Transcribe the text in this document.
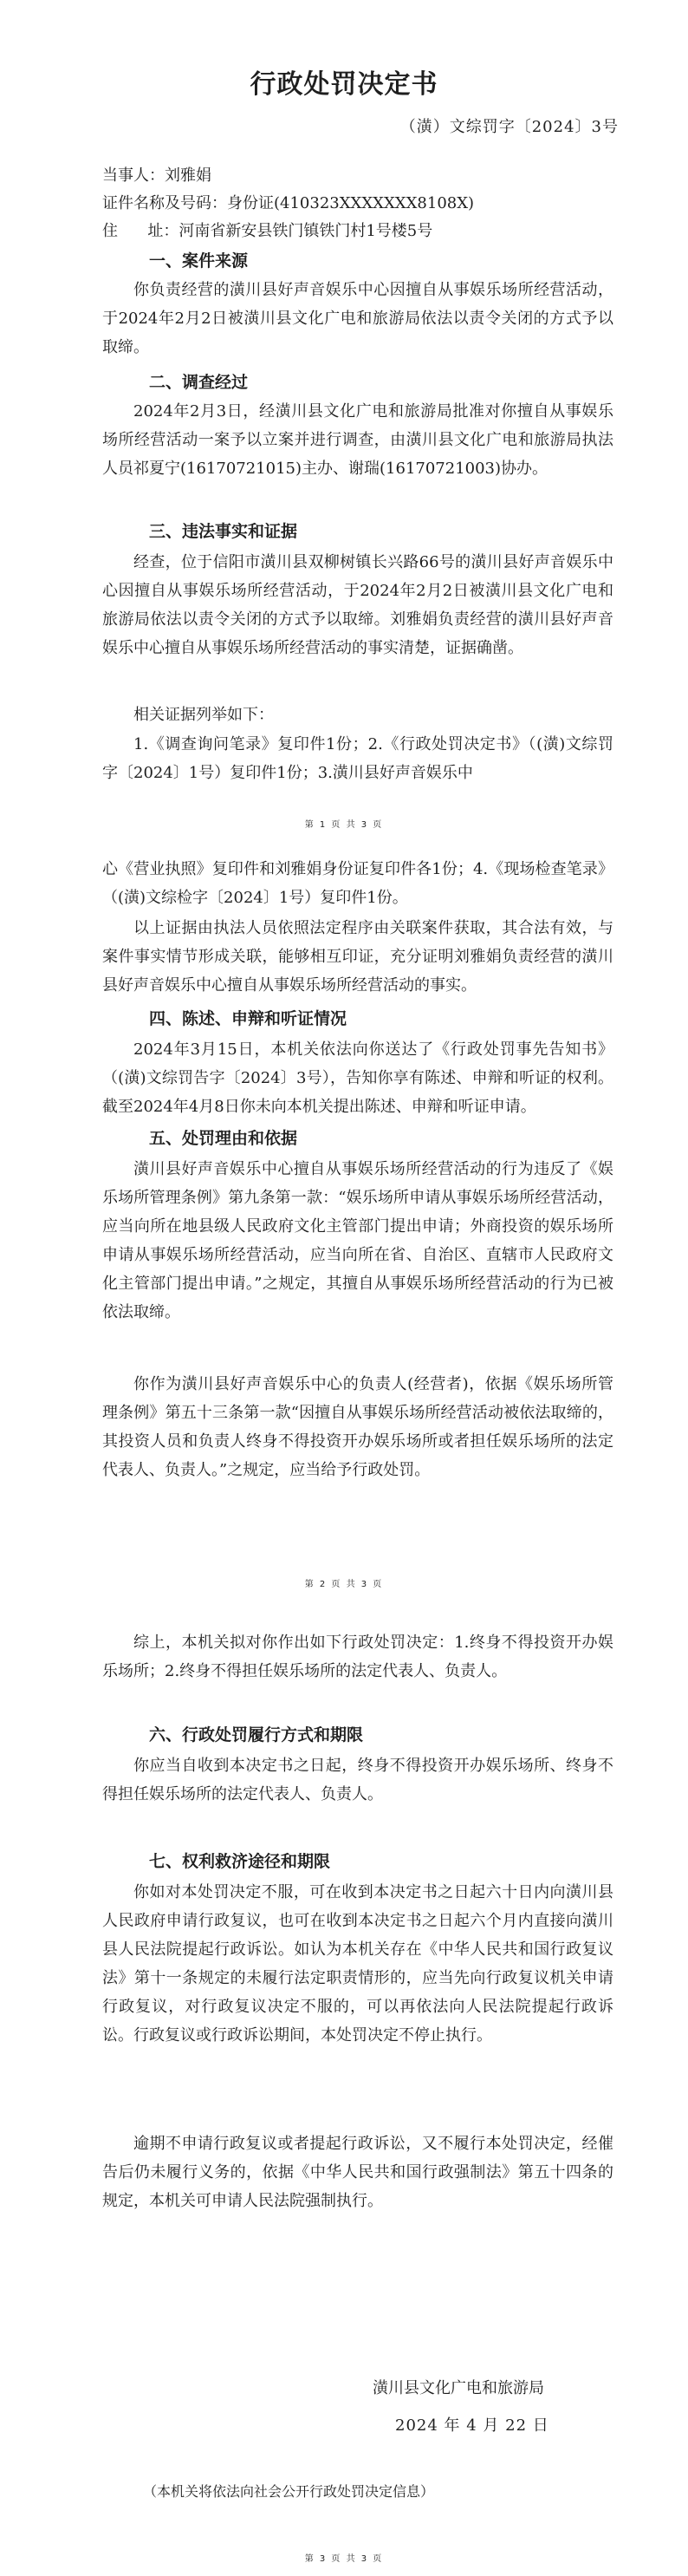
行政处罚决定书
（潢）文综罚字〔2024〕3号
当事人：刘雅娟
证件名称及号码：身份证(410323XXXXXXX8108X)
住      址：河南省新安县铁门镇铁门村1号楼5号
一、案件来源

你负责经营的潢川县好声音娱乐中心因擅自从事娱乐场所经营活动，于2024年2月2日被潢川县文化广电和旅游局依法以责令关闭的方式予以取缔。

二、调查经过

2024年2月3日，经潢川县文化广电和旅游局批准对你擅自从事娱乐场所经营活动一案予以立案并进行调查，由潢川县文化广电和旅游局执法人员祁夏宁(16170721015)主办、谢瑞(16170721003)协办。

三、违法事实和证据

经查，位于信阳市潢川县双柳树镇长兴路66号的潢川县好声音娱乐中心因擅自从事娱乐场所经营活动，于2024年2月2日被潢川县文化广电和旅游局依法以责令关闭的方式予以取缔。刘雅娟负责经营的潢川县好声音娱乐中心擅自从事娱乐场所经营活动的事实清楚，证据确凿。

相关证据列举如下：

1.《调查询问笔录》复印件1份；2.《行政处罚决定书》（(潢)文综罚字〔2024〕1号）复印件1份；3.潢川县好声音娱乐中

第 1 页 共 3 页

心《营业执照》复印件和刘雅娟身份证复印件各1份；4.《现场检查笔录》（(潢)文综检字〔2024〕1号）复印件1份。

以上证据由执法人员依照法定程序由关联案件获取，其合法有效，与案件事实情节形成关联，能够相互印证，充分证明刘雅娟负责经营的潢川县好声音娱乐中心擅自从事娱乐场所经营活动的事实。

四、陈述、申辩和听证情况

2024年3月15日，本机关依法向你送达了《行政处罚事先告知书》（(潢)文综罚告字〔2024〕3号），告知你享有陈述、申辩和听证的权利。截至2024年4月8日你未向本机关提出陈述、申辩和听证申请。

五、处罚理由和依据

潢川县好声音娱乐中心擅自从事娱乐场所经营活动的行为违反了《娱乐场所管理条例》第九条第一款：“娱乐场所申请从事娱乐场所经营活动，应当向所在地县级人民政府文化主管部门提出申请；外商投资的娱乐场所申请从事娱乐场所经营活动，应当向所在省、自治区、直辖市人民政府文化主管部门提出申请。”之规定，其擅自从事娱乐场所经营活动的行为已被依法取缔。

你作为潢川县好声音娱乐中心的负责人(经营者)，依据《娱乐场所管理条例》第五十三条第一款“因擅自从事娱乐场所经营活动被依法取缔的，其投资人员和负责人终身不得投资开办娱乐场所或者担任娱乐场所的法定代表人、负责人。”之规定，应当给予行政处罚。

第 2 页 共 3 页

综上，本机关拟对你作出如下行政处罚决定：1.终身不得投资开办娱乐场所；2.终身不得担任娱乐场所的法定代表人、负责人。

六、行政处罚履行方式和期限

你应当自收到本决定书之日起，终身不得投资开办娱乐场所、终身不得担任娱乐场所的法定代表人、负责人。

七、权利救济途径和期限

你如对本处罚决定不服，可在收到本决定书之日起六十日内向潢川县人民政府申请行政复议，也可在收到本决定书之日起六个月内直接向潢川县人民法院提起行政诉讼。如认为本机关存在《中华人民共和国行政复议法》第十一条规定的未履行法定职责情形的，应当先向行政复议机关申请行政复议，对行政复议决定不服的，可以再依法向人民法院提起行政诉讼。行政复议或行政诉讼期间，本处罚决定不停止执行。

逾期不申请行政复议或者提起行政诉讼，又不履行本处罚决定，经催告后仍未履行义务的，依据《中华人民共和国行政强制法》第五十四条的规定，本机关可申请人民法院强制执行。

潢川县文化广电和旅游局
2024 年 4 月 22 日
（本机关将依法向社会公开行政处罚决定信息）
第 3 页 共 3 页
